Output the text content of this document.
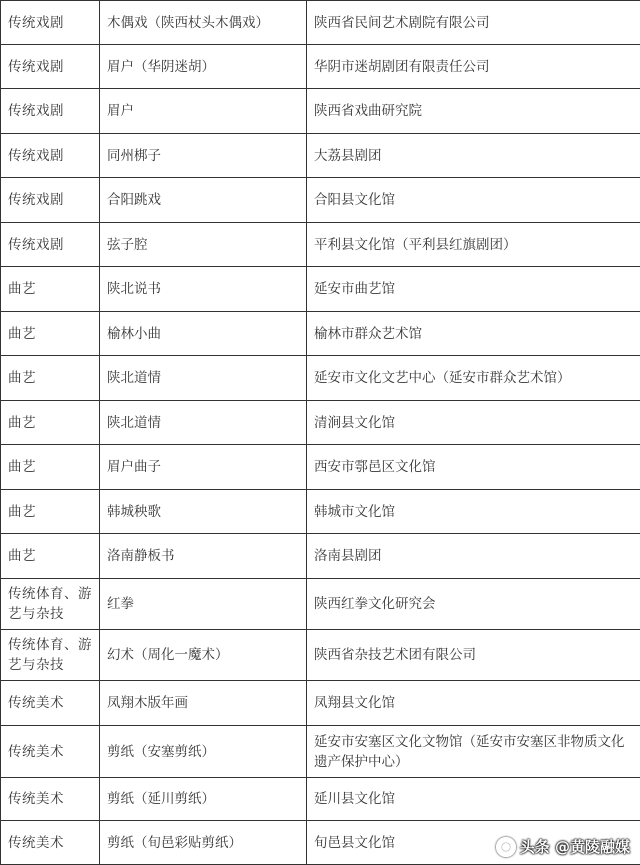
传统戏剧	木偶戏（陕西杖头木偶戏）	陕西省民间艺术剧院有限公司
传统戏剧	眉户（华阴迷胡）	华阴市迷胡剧团有限责任公司
传统戏剧	眉户	陕西省戏曲研究院
传统戏剧	同州梆子	大荔县剧团
传统戏剧	合阳跳戏	合阳县文化馆
传统戏剧	弦子腔	平利县文化馆（平利县红旗剧团）
曲艺	陕北说书	延安市曲艺馆
曲艺	榆林小曲	榆林市群众艺术馆
曲艺	陕北道情	延安市文化文艺中心（延安市群众艺术馆）
曲艺	陕北道情	清涧县文化馆
曲艺	眉户曲子	西安市鄠邑区文化馆
曲艺	韩城秧歌	韩城市文化馆
曲艺	洛南静板书	洛南县剧团
传统体育、游艺与杂技	红拳	陕西红拳文化研究会
传统体育、游艺与杂技	幻术（周化一魔术）	陕西省杂技艺术团有限公司
传统美术	凤翔木版年画	凤翔县文化馆
传统美术	剪纸（安塞剪纸）	延安市安塞区文化文物馆（延安市安塞区非物质文化遗产保护中心）
传统美术	剪纸（延川剪纸）	延川县文化馆
传统美术	剪纸（旬邑彩贴剪纸）	旬邑县文化馆	头条 @黄陵融媒
